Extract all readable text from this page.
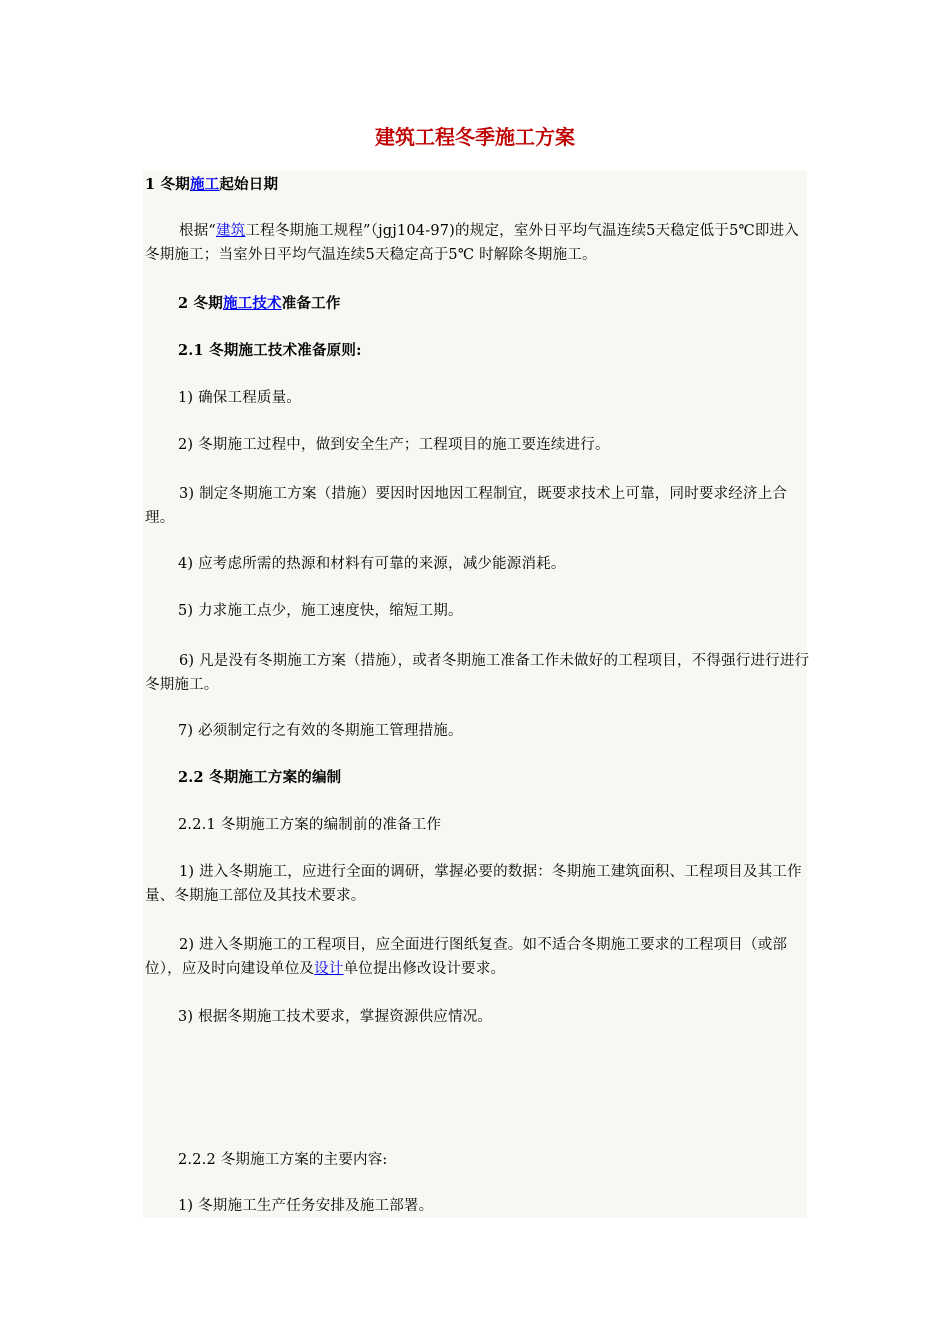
建筑工程冬季施工方案
1 冬期施工起始日期
根据“建筑工程冬期施工规程”（jgj104-97)的规定，室外日平均气温连续5天稳定低于5℃即进入冬期施工；当室外日平均气温连续5天稳定高于5℃ 时解除冬期施工。
2 冬期施工技术准备工作
2.1 冬期施工技术准备原则:
1) 确保工程质量。
2) 冬期施工过程中，做到安全生产；工程项目的施工要连续进行。
3) 制定冬期施工方案（措施）要因时因地因工程制宜，既要求技术上可靠，同时要求经济上合理。
4) 应考虑所需的热源和材料有可靠的来源，减少能源消耗。
5) 力求施工点少，施工速度快，缩短工期。
6) 凡是没有冬期施工方案（措施），或者冬期施工准备工作未做好的工程项目，不得强行进行进行冬期施工。
7) 必须制定行之有效的冬期施工管理措施。
2.2 冬期施工方案的编制
2.2.1 冬期施工方案的编制前的准备工作
1) 进入冬期施工，应进行全面的调研，掌握必要的数据：冬期施工建筑面积、工程项目及其工作量、冬期施工部位及其技术要求。
2) 进入冬期施工的工程项目，应全面进行图纸复查。如不适合冬期施工要求的工程项目（或部位），应及时向建设单位及设计单位提出修改设计要求。
3) 根据冬期施工技术要求，掌握资源供应情况。
2.2.2 冬期施工方案的主要内容:
1) 冬期施工生产任务安排及施工部署。
